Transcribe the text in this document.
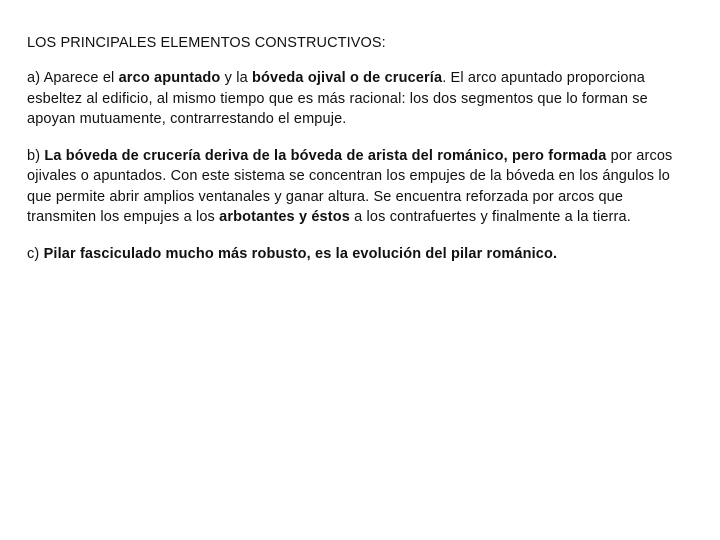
LOS PRINCIPALES ELEMENTOS CONSTRUCTIVOS:

a) Aparece el arco apuntado y la bóveda ojival o de crucería. El arco apuntado proporciona esbeltez al edificio, al mismo tiempo que es más racional: los dos segmentos que lo forman se apoyan mutuamente, contrarrestando el empuje.

b) La bóveda de crucería deriva de la bóveda de arista del románico, pero formada por arcos ojivales o apuntados. Con este sistema se concentran los empujes de la bóveda en los ángulos lo que permite abrir amplios ventanales y ganar altura. Se encuentra reforzada por arcos que transmiten los empujes a los arbotantes y éstos a los contrafuertes y finalmente a la tierra.

c) Pilar fasciculado mucho más robusto, es la evolución del pilar románico.
